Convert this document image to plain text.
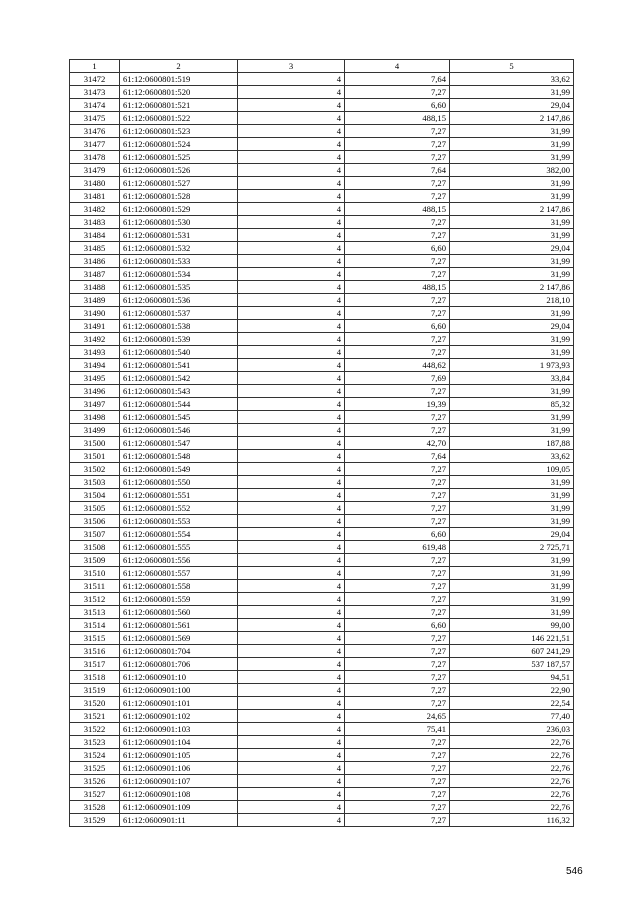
1	2	3	4	5
31472	61:12:0600801:519	4	7,64	33,62
31473	61:12:0600801:520	4	7,27	31,99
31474	61:12:0600801:521	4	6,60	29,04
31475	61:12:0600801:522	4	488,15	2 147,86
31476	61:12:0600801:523	4	7,27	31,99
31477	61:12:0600801:524	4	7,27	31,99
31478	61:12:0600801:525	4	7,27	31,99
31479	61:12:0600801:526	4	7,64	382,00
31480	61:12:0600801:527	4	7,27	31,99
31481	61:12:0600801:528	4	7,27	31,99
31482	61:12:0600801:529	4	488,15	2 147,86
31483	61:12:0600801:530	4	7,27	31,99
31484	61:12:0600801:531	4	7,27	31,99
31485	61:12:0600801:532	4	6,60	29,04
31486	61:12:0600801:533	4	7,27	31,99
31487	61:12:0600801:534	4	7,27	31,99
31488	61:12:0600801:535	4	488,15	2 147,86
31489	61:12:0600801:536	4	7,27	218,10
31490	61:12:0600801:537	4	7,27	31,99
31491	61:12:0600801:538	4	6,60	29,04
31492	61:12:0600801:539	4	7,27	31,99
31493	61:12:0600801:540	4	7,27	31,99
31494	61:12:0600801:541	4	448,62	1 973,93
31495	61:12:0600801:542	4	7,69	33,84
31496	61:12:0600801:543	4	7,27	31,99
31497	61:12:0600801:544	4	19,39	85,32
31498	61:12:0600801:545	4	7,27	31,99
31499	61:12:0600801:546	4	7,27	31,99
31500	61:12:0600801:547	4	42,70	187,88
31501	61:12:0600801:548	4	7,64	33,62
31502	61:12:0600801:549	4	7,27	109,05
31503	61:12:0600801:550	4	7,27	31,99
31504	61:12:0600801:551	4	7,27	31,99
31505	61:12:0600801:552	4	7,27	31,99
31506	61:12:0600801:553	4	7,27	31,99
31507	61:12:0600801:554	4	6,60	29,04
31508	61:12:0600801:555	4	619,48	2 725,71
31509	61:12:0600801:556	4	7,27	31,99
31510	61:12:0600801:557	4	7,27	31,99
31511	61:12:0600801:558	4	7,27	31,99
31512	61:12:0600801:559	4	7,27	31,99
31513	61:12:0600801:560	4	7,27	31,99
31514	61:12:0600801:561	4	6,60	99,00
31515	61:12:0600801:569	4	7,27	146 221,51
31516	61:12:0600801:704	4	7,27	607 241,29
31517	61:12:0600801:706	4	7,27	537 187,57
31518	61:12:0600901:10	4	7,27	94,51
31519	61:12:0600901:100	4	7,27	22,90
31520	61:12:0600901:101	4	7,27	22,54
31521	61:12:0600901:102	4	24,65	77,40
31522	61:12:0600901:103	4	75,41	236,03
31523	61:12:0600901:104	4	7,27	22,76
31524	61:12:0600901:105	4	7,27	22,76
31525	61:12:0600901:106	4	7,27	22,76
31526	61:12:0600901:107	4	7,27	22,76
31527	61:12:0600901:108	4	7,27	22,76
31528	61:12:0600901:109	4	7,27	22,76
31529	61:12:0600901:11	4	7,27	116,32
546
